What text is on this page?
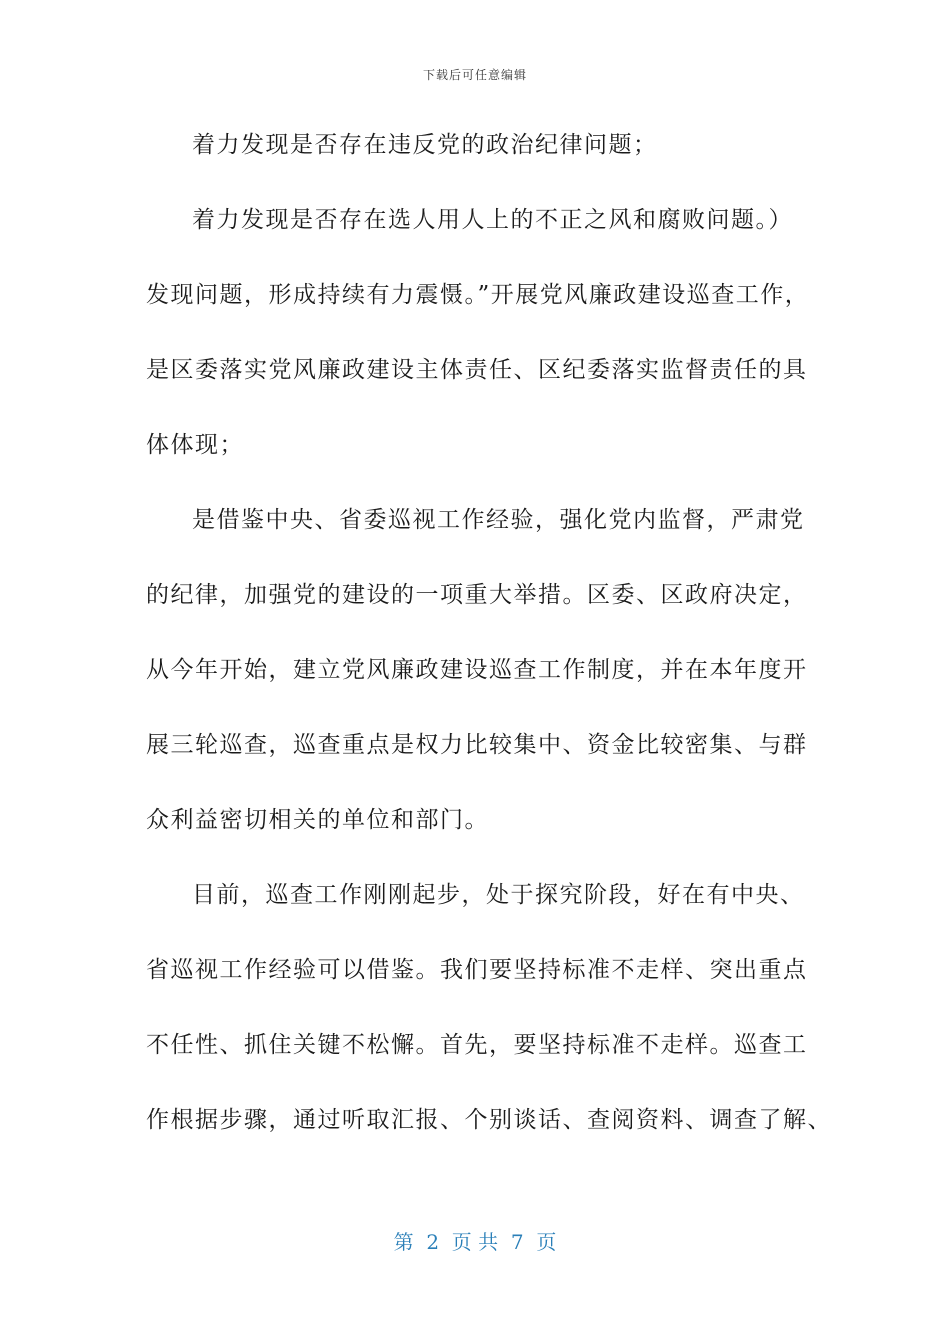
下载后可任意编辑
着力发现是否存在违反党的政治纪律问题；
着力发现是否存在选人用人上的不正之风和腐败问题。）
发现问题，形成持续有力震慑。”开展党风廉政建设巡查工作，
是区委落实党风廉政建设主体责任、区纪委落实监督责任的具
体体现；
是借鉴中央、省委巡视工作经验，强化党内监督，严肃党
的纪律，加强党的建设的一项重大举措。区委、区政府决定，
从今年开始，建立党风廉政建设巡查工作制度，并在本年度开
展三轮巡查，巡查重点是权力比较集中、资金比较密集、与群
众利益密切相关的单位和部门。
目前，巡查工作刚刚起步，处于探究阶段，好在有中央、
省巡视工作经验可以借鉴。我们要坚持标准不走样、突出重点
不任性、抓住关键不松懈。首先，要坚持标准不走样。巡查工
作根据步骤，通过听取汇报、个别谈话、查阅资料、调查了解、
第  2  页 共  7  页
